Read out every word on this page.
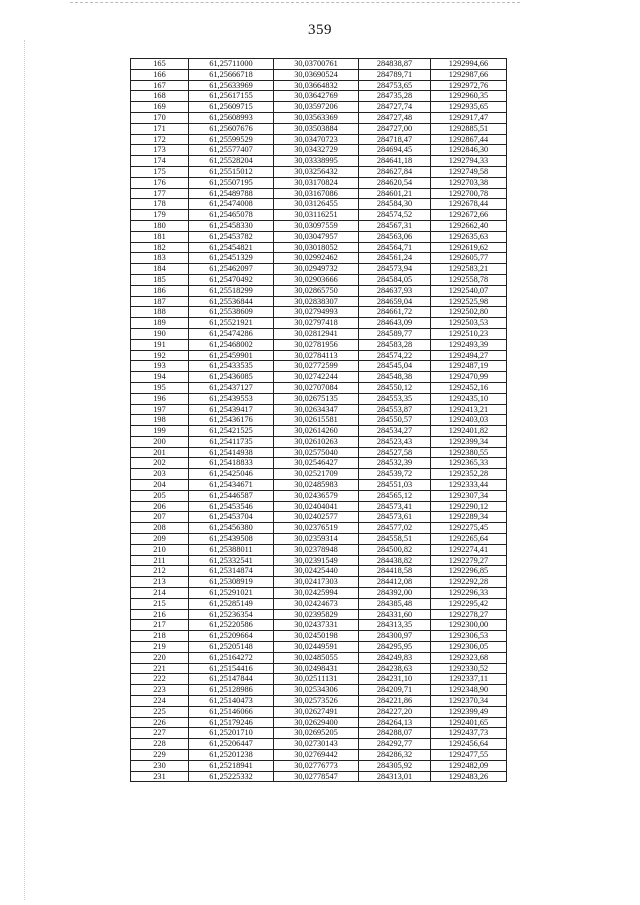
359
165	61,25711000	30,03700761	284838,87	1292994,66
166	61,25666718	30,03690524	284789,71	1292987,66
167	61,25633969	30,03664832	284753,65	1292972,76
168	61,25617155	30,03642769	284735,28	1292960,35
169	61,25609715	30,03597206	284727,74	1292935,65
170	61,25608993	30,03563369	284727,48	1292917,47
171	61,25607676	30,03503884	284727,00	1292885,51
172	61,25599529	30,03470723	284718,47	1292867,44
173	61,25577407	30,03432729	284694,45	1292846,30
174	61,25528204	30,03338995	284641,18	1292794,33
175	61,25515012	30,03256432	284627,84	1292749,58
176	61,25507195	30,03170824	284620,54	1292703,38
177	61,25489788	30,03167086	284601,21	1292700,78
178	61,25474008	30,03126455	284584,30	1292678,44
179	61,25465078	30,03116251	284574,52	1292672,66
180	61,25458330	30,03097559	284567,31	1292662,40
181	61,25453782	30,03047957	284563,06	1292635,63
182	61,25454821	30,03018052	284564,71	1292619,62
183	61,25451329	30,02992462	284561,24	1292605,77
184	61,25462097	30,02949732	284573,94	1292583,21
185	61,25470492	30,02903666	284584,05	1292558,78
186	61,25518299	30,02865750	284637,93	1292540,07
187	61,25536844	30,02838307	284659,04	1292525,98
188	61,25538609	30,02794993	284661,72	1292502,80
189	61,25521921	30,02797418	284643,09	1292503,53
190	61,25474286	30,02812941	284589,77	1292510,23
191	61,25468002	30,02781956	284583,28	1292493,39
192	61,25459901	30,02784113	284574,22	1292494,27
193	61,25433535	30,02772599	284545,04	1292487,19
194	61,25436085	30,02742244	284548,38	1292470,99
195	61,25437127	30,02707084	284550,12	1292452,16
196	61,25439553	30,02675135	284553,35	1292435,10
197	61,25439417	30,02634347	284553,87	1292413,21
198	61,25436176	30,02615581	284550,57	1292403,03
199	61,25421525	30,02614260	284534,27	1292401,82
200	61,25411735	30,02610263	284523,43	1292399,34
201	61,25414938	30,02575040	284527,58	1292380,55
202	61,25418833	30,02546427	284532,39	1292365,33
203	61,25425046	30,02521709	284539,72	1292352,28
204	61,25434671	30,02485983	284551,03	1292333,44
205	61,25446587	30,02436579	284565,12	1292307,34
206	61,25453546	30,02404041	284573,41	1292290,12
207	61,25453704	30,02402577	284573,61	1292289,34
208	61,25456380	30,02376519	284577,02	1292275,45
209	61,25439508	30,02359314	284558,51	1292265,64
210	61,25388011	30,02378948	284500,82	1292274,41
211	61,25332541	30,02391549	284438,82	1292279,27
212	61,25314874	30,02425440	284418,58	1292296,85
213	61,25308919	30,02417303	284412,08	1292292,28
214	61,25291021	30,02425994	284392,00	1292296,33
215	61,25285149	30,02424673	284385,48	1292295,42
216	61,25236354	30,02395829	284331,60	1292278,27
217	61,25220586	30,02437331	284313,35	1292300,00
218	61,25209664	30,02450198	284300,97	1292306,53
219	61,25205148	30,02449591	284295,95	1292306,05
220	61,25164272	30,02485055	284249,83	1292323,68
221	61,25154416	30,02498431	284238,63	1292330,52
222	61,25147844	30,02511131	284231,10	1292337,11
223	61,25128986	30,02534306	284209,71	1292348,90
224	61,25140473	30,02573526	284221,86	1292370,34
225	61,25146066	30,02627491	284227,20	1292399,49
226	61,25179246	30,02629400	284264,13	1292401,65
227	61,25201710	30,02695205	284288,07	1292437,73
228	61,25206447	30,02730143	284292,77	1292456,64
229	61,25201238	30,02769442	284286,32	1292477,55
230	61,25218941	30,02776773	284305,92	1292482,09
231	61,25225332	30,02778547	284313,01	1292483,26
